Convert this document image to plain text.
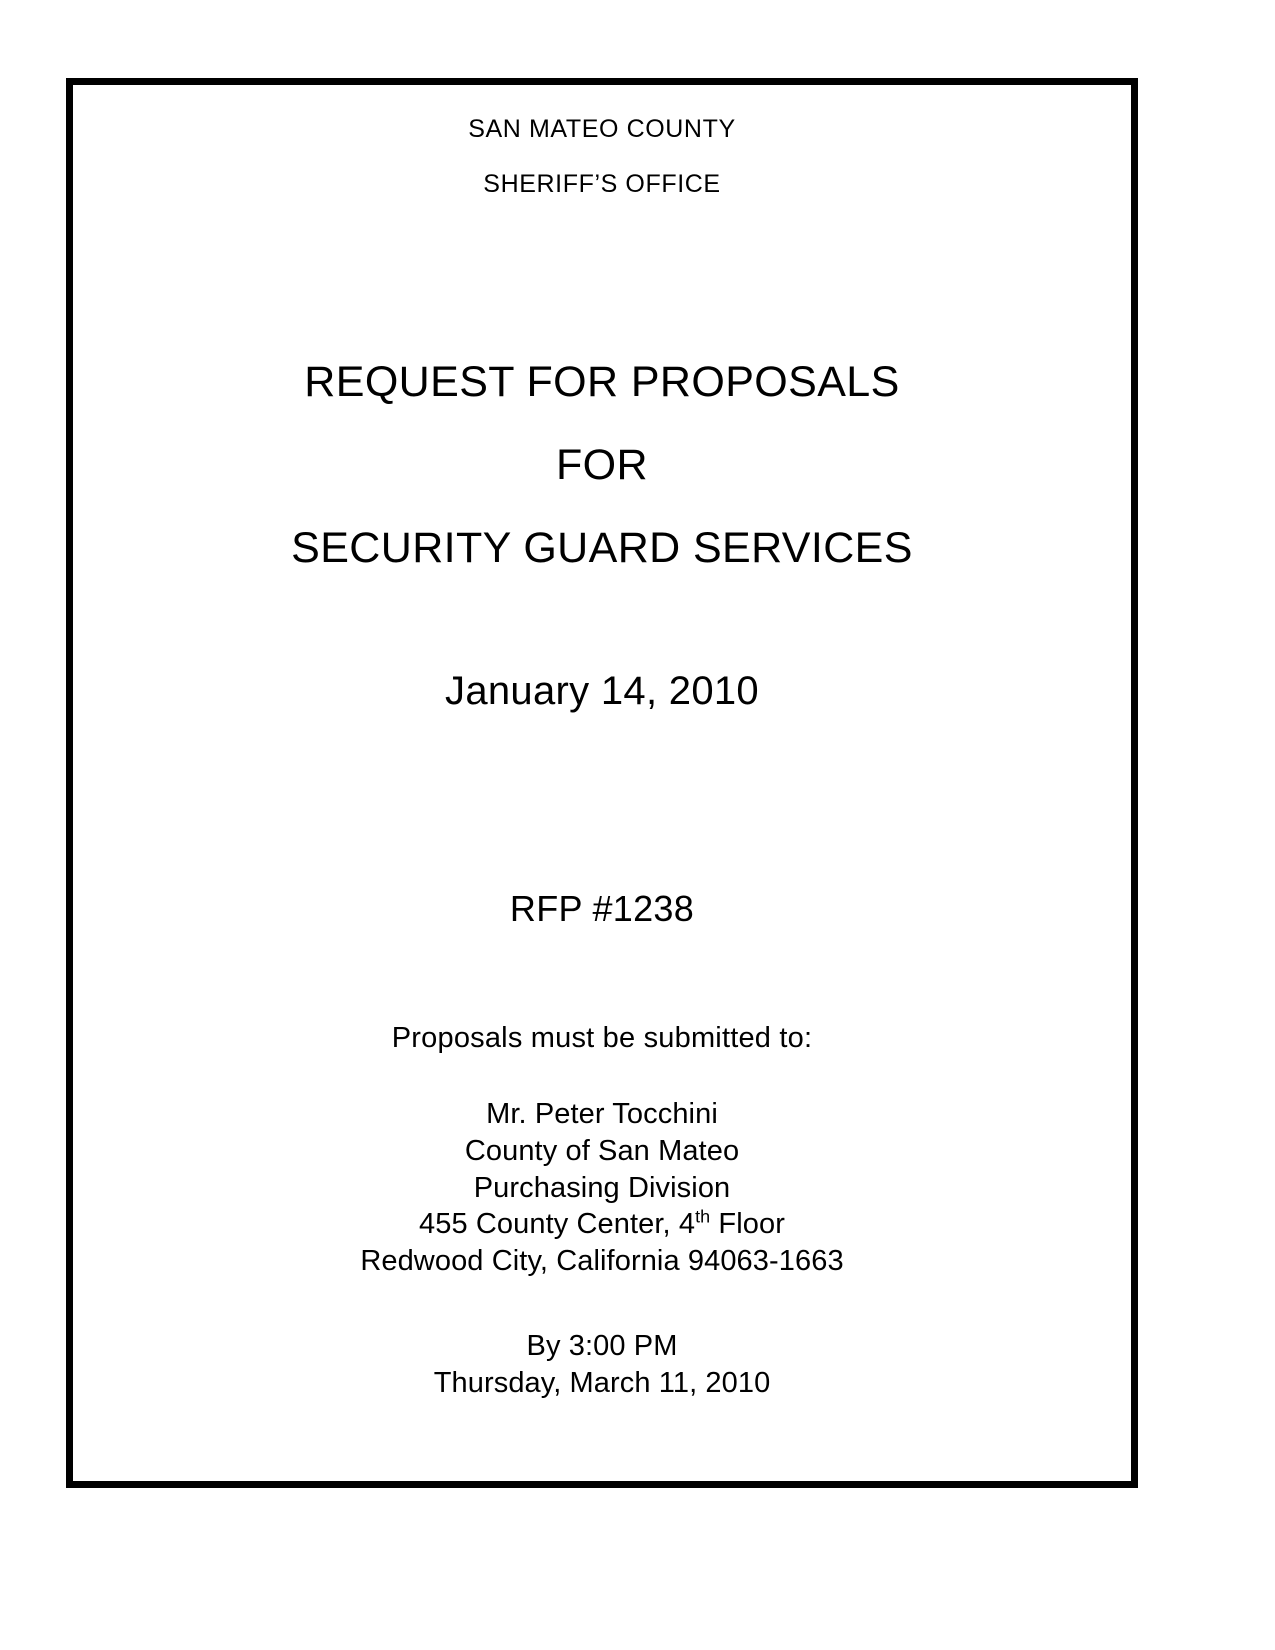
SAN MATEO COUNTY
SHERIFF’S OFFICE
REQUEST FOR PROPOSALS
FOR
SECURITY GUARD SERVICES
January 14, 2010
RFP #1238
Proposals must be submitted to:
Mr. Peter Tocchini
County of San Mateo
Purchasing Division
455 County Center, 4th Floor
Redwood City, California 94063-1663
By 3:00 PM
Thursday, March 11, 2010
